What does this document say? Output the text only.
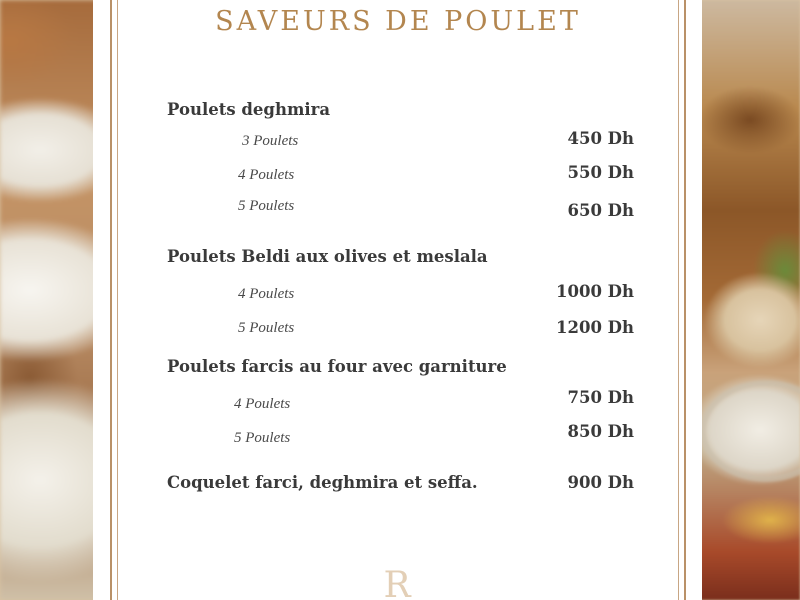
SAVEURS DE POULET
Poulets deghmira
3 Poulets	450 Dh
4 Poulets	550 Dh
5 Poulets	650 Dh
Poulets Beldi aux olives et meslala
4 Poulets	1000 Dh
5 Poulets	1200 Dh
Poulets farcis au four avec garniture
4 Poulets	750 Dh
5 Poulets	850 Dh
Coquelet farci, deghmira et seffa.	900 Dh
R
